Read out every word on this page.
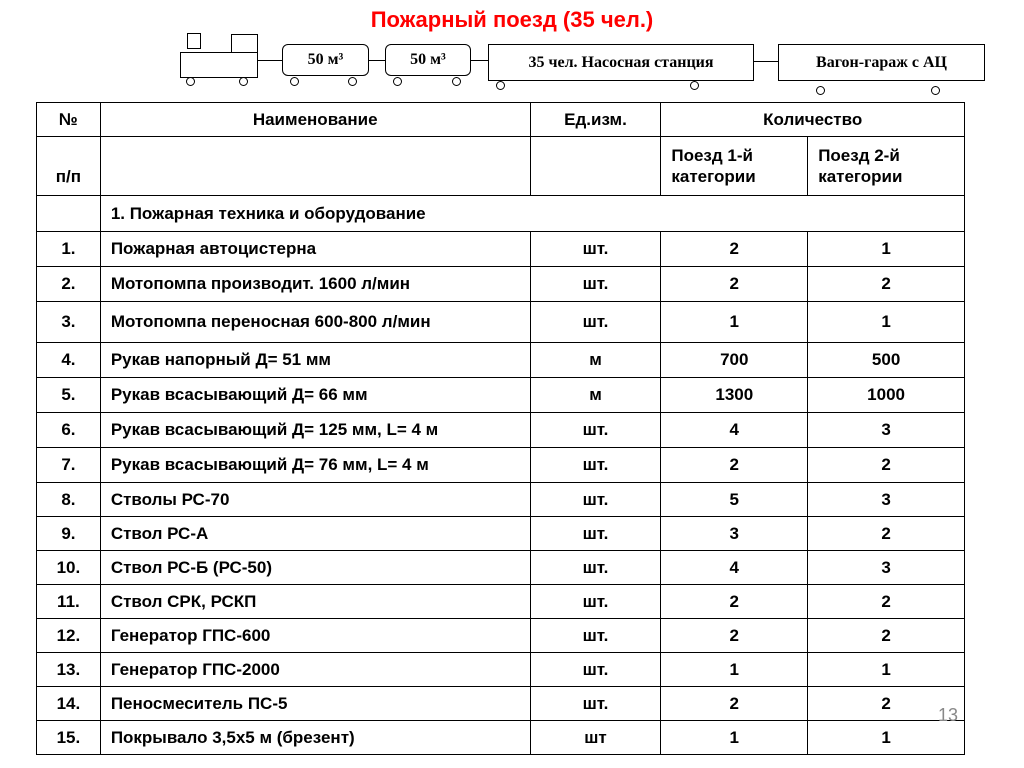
Пожарный поезд (35 чел.)
50 м³	50 м³	35 чел. Насосная станция	Вагон-гараж с АЦ
№	Наименование	Ед.изм.	Количество	
п/п			Поезд 1-й категории	Поезд 2-й категории
	1. Пожарная техника и оборудование			
1.	Пожарная автоцистерна	шт.	2	1
2.	Мотопомпа производит. 1600 л/мин	шт.	2	2
3.	Мотопомпа переносная 600-800 л/мин	шт.	1	1
4.	Рукав напорный Д= 51 мм	м	700	500
5.	Рукав всасывающий Д= 66 мм	м	1300	1000
6.	Рукав всасывающий Д= 125 мм, L= 4 м	шт.	4	3
7.	Рукав всасывающий Д= 76 мм, L= 4 м	шт.	2	2
8.	Стволы РС-70	шт.	5	3
9.	Ствол РС-А	шт.	3	2
10.	Ствол РС-Б (РС-50)	шт.	4	3
11.	Ствол СРК, РСКП	шт.	2	2
12.	Генератор ГПС-600	шт.	2	2
13.	Генератор ГПС-2000	шт.	1	1
14.	Пеносмеситель ПС-5	шт.	2	2
15.	Покрывало 3,5х5 м (брезент)	шт	1	1
13
